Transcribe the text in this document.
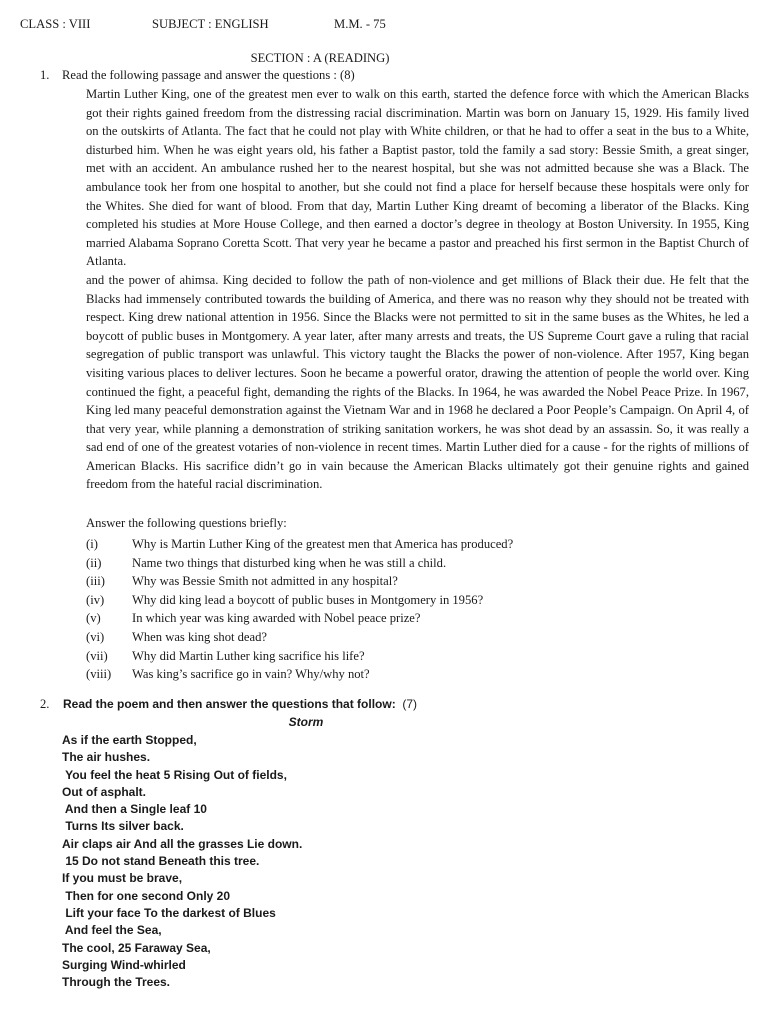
CLASS : VIII	SUBJECT : ENGLISH	M.M. - 75
SECTION : A (READING)
1. Read the following passage and answer the questions : (8)
Martin Luther King, one of the greatest men ever to walk on this earth, started the defence force with which the American Blacks got their rights gained freedom from the distressing racial discrimination. Martin was born on January 15, 1929. His family lived on the outskirts of Atlanta. The fact that he could not play with White children, or that he had to offer a seat in the bus to a White, disturbed him. When he was eight years old, his father a Baptist pastor, told the family a sad story: Bessie Smith, a great singer, met with an accident. An ambulance rushed her to the nearest hospital, but she was not admitted because she was a Black. The ambulance took her from one hospital to another, but she could not find a place for herself because these hospitals were only for the Whites. She died for want of blood. From that day, Martin Luther King dreamt of becoming a liberator of the Blacks. King completed his studies at More House College, and then earned a doctor’s degree in theology at Boston University. In 1955, King married Alabama Soprano Coretta Scott. That very year he became a pastor and preached his first sermon in the Baptist Church of Atlanta.
and the power of ahimsa. King decided to follow the path of non-violence and get millions of Black their due. He felt that the Blacks had immensely contributed towards the building of America, and there was no reason why they should not be treated with respect. King drew national attention in 1956. Since the Blacks were not permitted to sit in the same buses as the Whites, he led a boycott of public buses in Montgomery. A year later, after many arrests and treats, the US Supreme Court gave a ruling that racial segregation of public transport was unlawful. This victory taught the Blacks the power of non-violence. After 1957, King began visiting various places to deliver lectures. Soon he became a powerful orator, drawing the attention of people the world over. King continued the fight, a peaceful fight, demanding the rights of the Blacks. In 1964, he was awarded the Nobel Peace Prize. In 1967, King led many peaceful demonstration against the Vietnam War and in 1968 he declared a Poor People’s Campaign. On April 4, of that very year, while planning a demonstration of striking sanitation workers, he was shot dead by an assassin. So, it was really a sad end of one of the greatest votaries of non-violence in recent times. Martin Luther died for a cause - for the rights of millions of American Blacks. His sacrifice didn’t go in vain because the American Blacks ultimately got their genuine rights and gained freedom from the hateful racial discrimination.
Answer the following questions briefly:
(i)	Why is Martin Luther King of the greatest men that America has produced?
(ii) Name two things that disturbed king when he was still a child.
(iii) Why was Bessie Smith not admitted in any hospital?
(iv) Why did king lead a boycott of public buses in Montgomery in 1956?
(v) In which year was king awarded with Nobel peace prize?
(vi) When was king shot dead?
(vii) Why did Martin Luther king sacrifice his life?
(viii) Was king’s sacrifice go in vain? Why/why not?
2. Read the poem and then answer the questions that follow: (7)
Storm
As if the earth Stopped,
The air hushes.
You feel the heat 5 Rising Out of fields,
Out of asphalt.
And then a Single leaf 10
Turns Its silver back.
Air claps air And all the grasses Lie down.
15 Do not stand Beneath this tree.
If you must be brave,
Then for one second Only 20
Lift your face To the darkest of Blues
And feel the Sea,
The cool, 25 Faraway Sea,
Surging Wind-whirled
Through the Trees.
